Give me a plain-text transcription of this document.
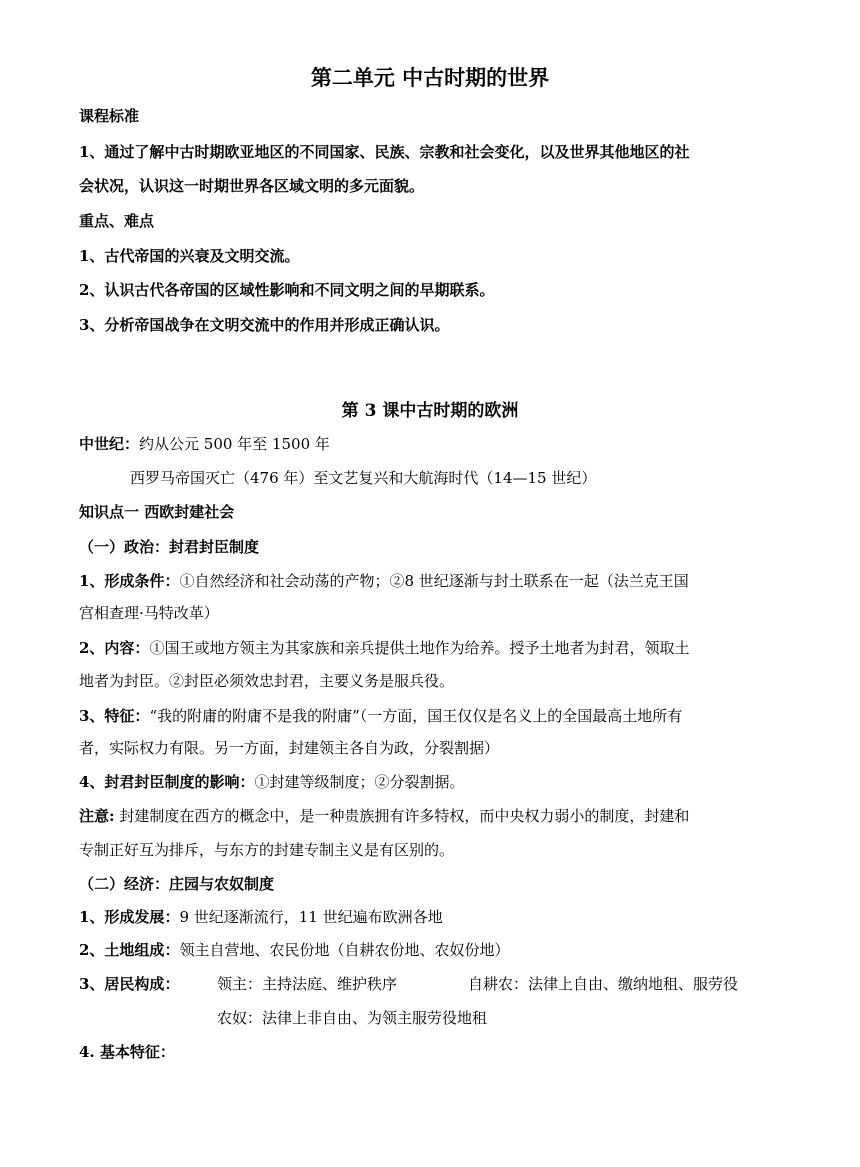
第二单元 中古时期的世界
课程标准
1、通过了解中古时期欧亚地区的不同国家、民族、宗教和社会变化，以及世界其他地区的社
会状况，认识这一时期世界各区域文明的多元面貌。
重点、难点
1、古代帝国的兴衰及文明交流。
2、认识古代各帝国的区域性影响和不同文明之间的早期联系。
3、分析帝国战争在文明交流中的作用并形成正确认识。
第 3 课中古时期的欧洲
中世纪：约从公元 500 年至 1500 年
西罗马帝国灭亡（476 年）至文艺复兴和大航海时代（14—15 世纪）
知识点一 西欧封建社会
（一）政治：封君封臣制度
1、形成条件：①自然经济和社会动荡的产物；②8 世纪逐渐与封土联系在一起（法兰克王国
宫相查理·马特改革）
2、内容：①国王或地方领主为其家族和亲兵提供土地作为给养。授予土地者为封君，领取土
地者为封臣。②封臣必须效忠封君，主要义务是服兵役。
3、特征：“我的附庸的附庸不是我的附庸”（一方面，国王仅仅是名义上的全国最高土地所有
者，实际权力有限。另一方面，封建领主各自为政，分裂割据）
4、封君封臣制度的影响：①封建等级制度；②分裂割据。
注意: 封建制度在西方的概念中，是一种贵族拥有许多特权，而中央权力弱小的制度，封建和
专制正好互为排斥，与东方的封建专制主义是有区别的。
（二）经济：庄园与农奴制度
1、形成发展：9 世纪逐渐流行，11 世纪遍布欧洲各地
2、土地组成：领主自营地、农民份地（自耕农份地、农奴份地）
3、居民构成：	领主：主持法庭、维护秩序	自耕农：法律上自由、缴纳地租、服劳役
农奴：法律上非自由、为领主服劳役地租
4. 基本特征：
